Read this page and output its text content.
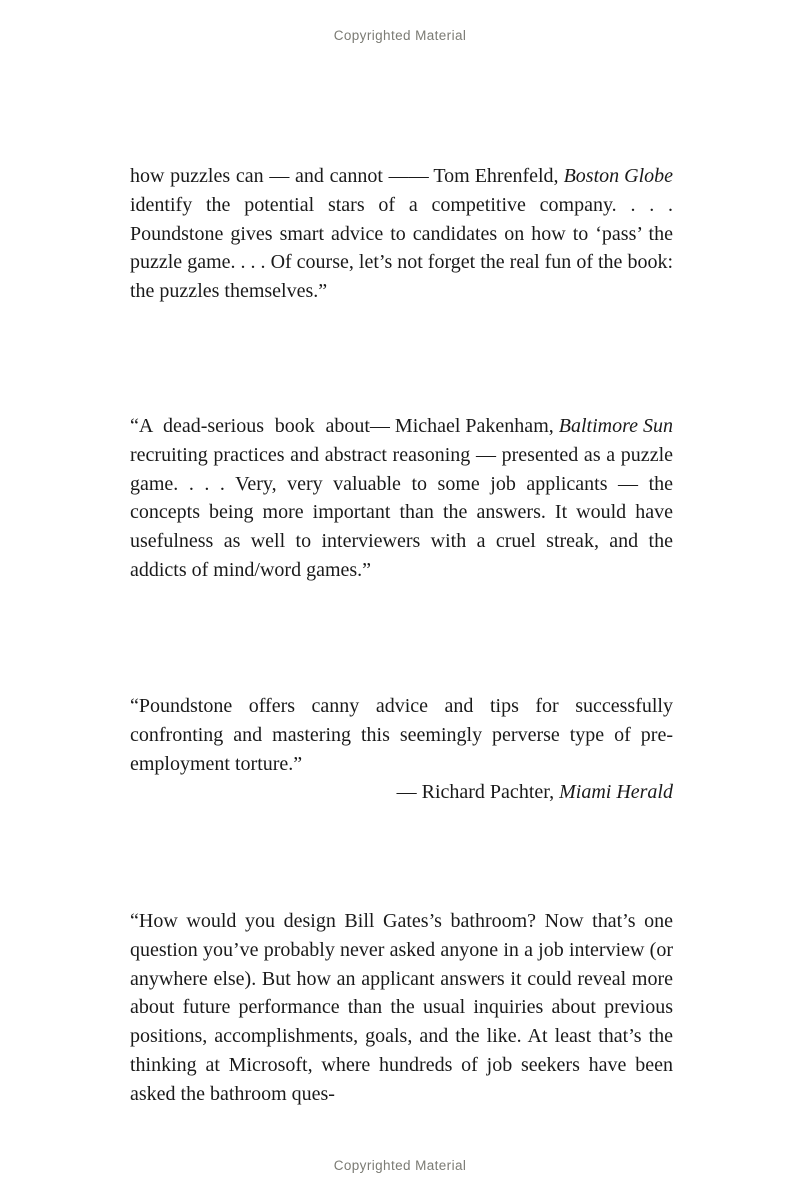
Copyrighted Material

— Tom Ehrenfeld, Boston Globe
how puzzles can — and cannot — identify the potential stars of a competitive company. . . . Poundstone gives smart advice to candidates on how to ‘pass’ the puzzle game. . . . Of course, let’s not forget the real fun of the book: the puzzles themselves.”

— Michael Pakenham, Baltimore Sun
“A dead-serious book about recruiting practices and abstract reasoning — presented as a puzzle game. . . . Very, very valuable to some job applicants — the concepts being more important than the answers. It would have usefulness as well to interviewers with a cruel streak, and the addicts of mind/word games.”

“Poundstone offers canny advice and tips for successfully confronting and mastering this seemingly perverse type of pre-employment torture.”

— Richard Pachter, Miami Herald

“How would you design Bill Gates’s bathroom? Now that’s one question you’ve probably never asked anyone in a job interview (or anywhere else). But how an applicant answers it could reveal more about future performance than the usual inquiries about previous positions, accomplishments, goals, and the like. At least that’s the thinking at Microsoft, where hundreds of job seekers have been asked the bathroom ques-

Copyrighted Material
